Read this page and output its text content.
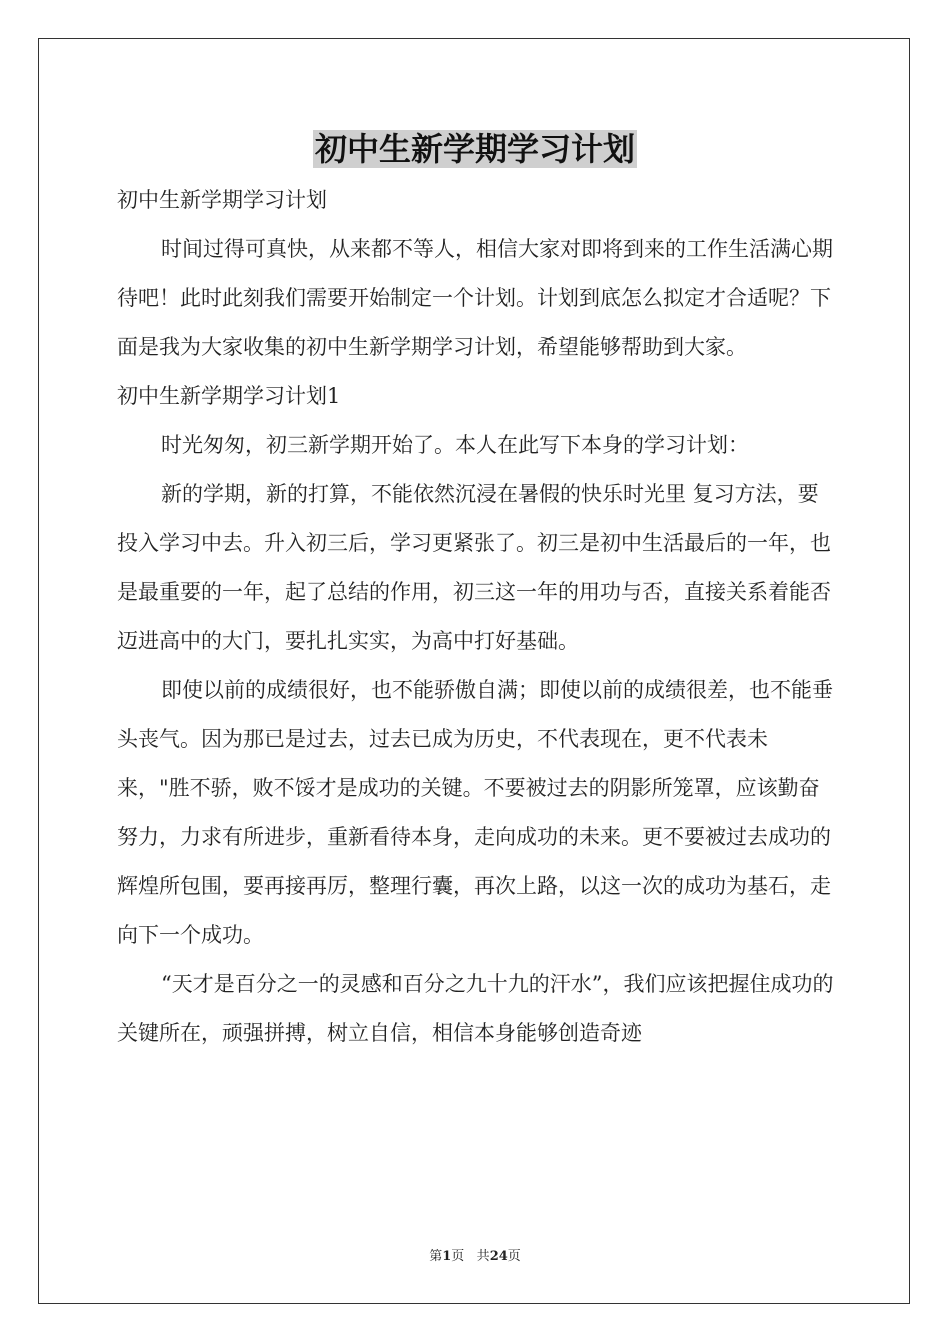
初中生新学期学习计划

初中生新学期学习计划

时间过得可真快，从来都不等人，相信大家对即将到来的工作生活满心期待吧！此时此刻我们需要开始制定一个计划。计划到底怎么拟定才合适呢？下面是我为大家收集的初中生新学期学习计划，希望能够帮助到大家。

初中生新学期学习计划1

时光匆匆，初三新学期开始了。本人在此写下本身的学习计划：

新的学期，新的打算，不能依然沉浸在暑假的快乐时光里 复习方法，要投入学习中去。升入初三后，学习更紧张了。初三是初中生活最后的一年，也是最重要的一年，起了总结的作用，初三这一年的用功与否，直接关系着能否迈进高中的大门，要扎扎实实，为高中打好基础。

即使以前的成绩很好，也不能骄傲自满；即使以前的成绩很差，也不能垂头丧气。因为那已是过去，过去已成为历史，不代表现在，更不代表未来，"胜不骄，败不馁才是成功的关键。不要被过去的阴影所笼罩，应该勤奋努力，力求有所进步，重新看待本身，走向成功的未来。更不要被过去成功的辉煌所包围，要再接再厉，整理行囊，再次上路，以这一次的成功为基石，走向下一个成功。

“天才是百分之一的灵感和百分之九十九的汗水”，我们应该把握住成功的关键所在，顽强拼搏，树立自信，相信本身能够创造奇迹

第1页 共24页
